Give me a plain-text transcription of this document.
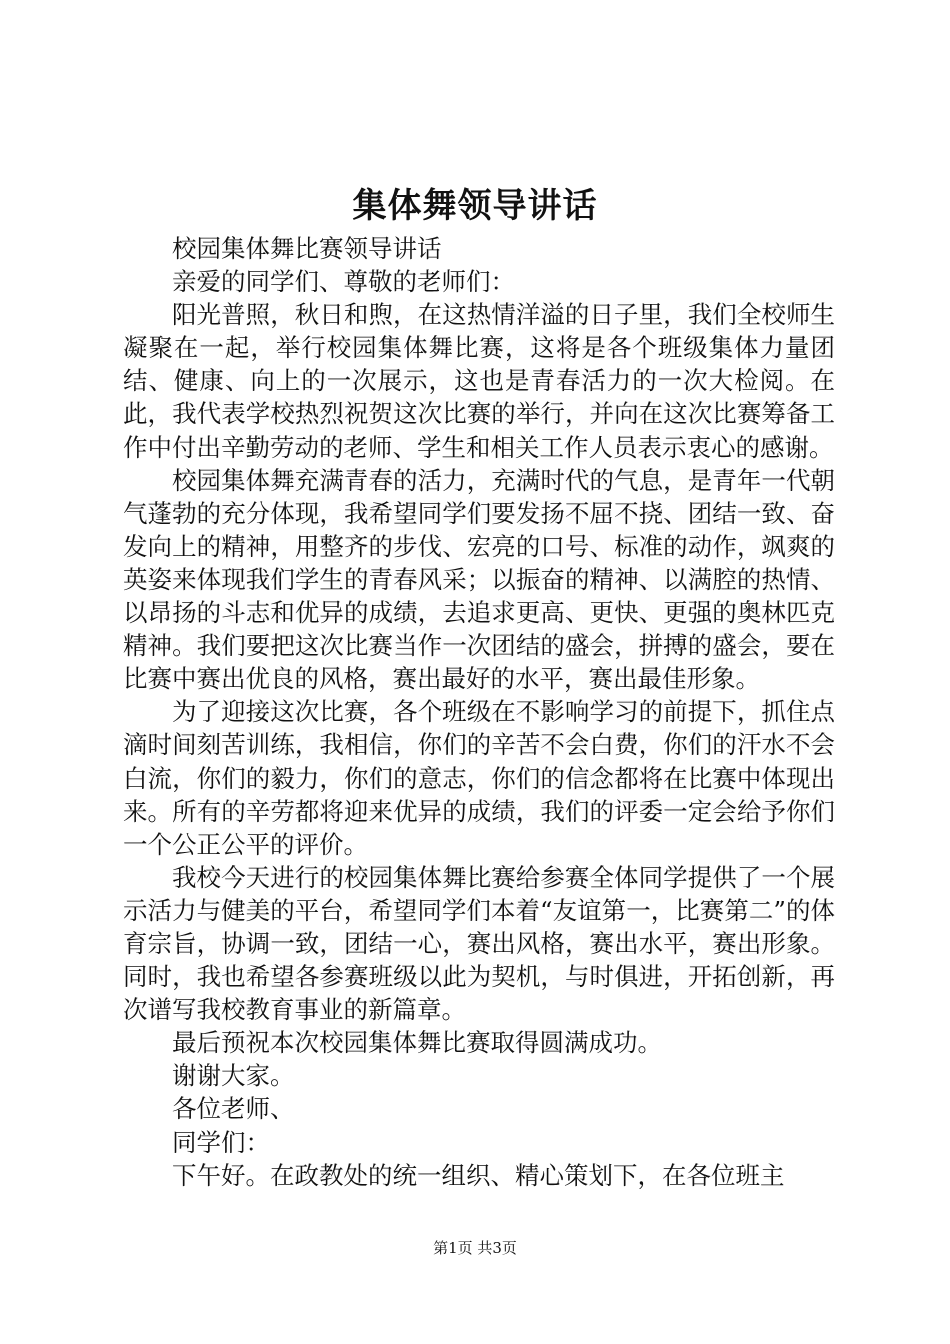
集体舞领导讲话

校园集体舞比赛领导讲话

亲爱的同学们、尊敬的老师们：

阳光普照，秋日和煦，在这热情洋溢的日子里，我们全校师生凝聚在一起，举行校园集体舞比赛，这将是各个班级集体力量团结、健康、向上的一次展示，这也是青春活力的一次大检阅。在此，我代表学校热烈祝贺这次比赛的举行，并向在这次比赛筹备工作中付出辛勤劳动的老师、学生和相关工作人员表示衷心的感谢。

校园集体舞充满青春的活力，充满时代的气息，是青年一代朝气蓬勃的充分体现，我希望同学们要发扬不屈不挠、团结一致、奋发向上的精神，用整齐的步伐、宏亮的口号、标准的动作，飒爽的英姿来体现我们学生的青春风采；以振奋的精神、以满腔的热情、以昂扬的斗志和优异的成绩，去追求更高、更快、更强的奥林匹克精神。我们要把这次比赛当作一次团结的盛会，拼搏的盛会，要在比赛中赛出优良的风格，赛出最好的水平，赛出最佳形象。

为了迎接这次比赛，各个班级在不影响学习的前提下，抓住点滴时间刻苦训练，我相信，你们的辛苦不会白费，你们的汗水不会白流，你们的毅力，你们的意志，你们的信念都将在比赛中体现出来。所有的辛劳都将迎来优异的成绩，我们的评委一定会给予你们一个公正公平的评价。

我校今天进行的校园集体舞比赛给参赛全体同学提供了一个展示活力与健美的平台，希望同学们本着“友谊第一，比赛第二”的体育宗旨，协调一致，团结一心，赛出风格，赛出水平，赛出形象。同时，我也希望各参赛班级以此为契机，与时俱进，开拓创新，再次谱写我校教育事业的新篇章。

最后预祝本次校园集体舞比赛取得圆满成功。

谢谢大家。

各位老师、

同学们：

下午好。在政教处的统一组织、精心策划下，在各位班主

第1页 共3页
